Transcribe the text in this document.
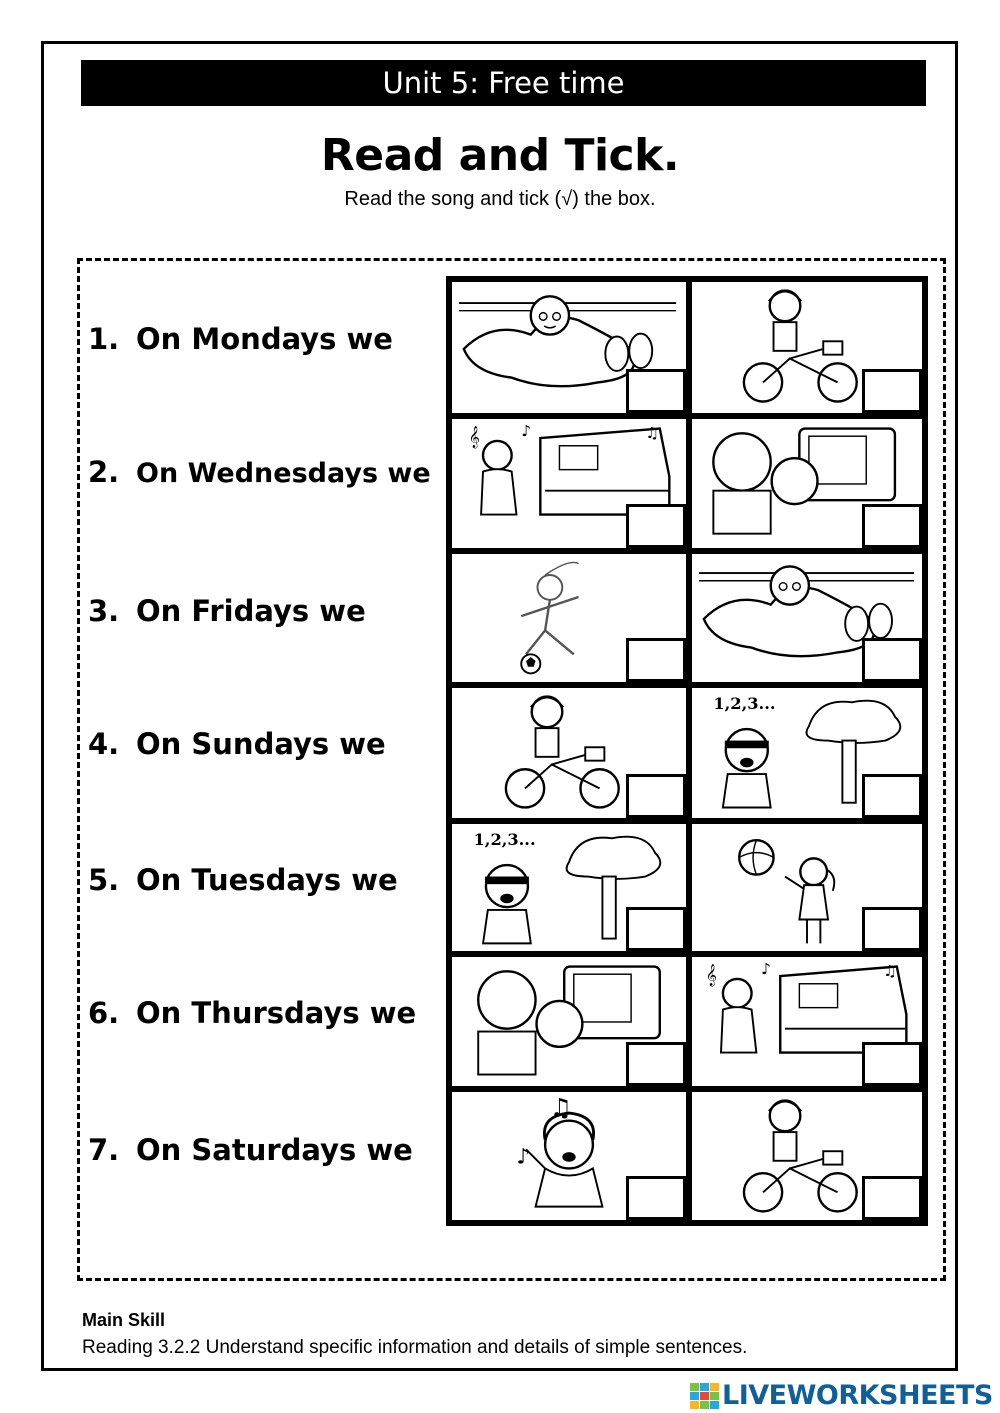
Unit 5: Free time
Read and Tick.
Read the song and tick (√) the box.
1. On Mondays we
2. On Wednesdays we
3. On Fridays we
4. On Sundays we
5. On Tuesdays we
6. On Thursdays we
7. On Saturdays we
𝄞	♪	♫
1,2,3...
1,2,3...
𝄞	♪	♫
♫
♪
Main Skill
Reading 3.2.2 Understand specific information and details of simple sentences.
LIVEWORKSHEETS
